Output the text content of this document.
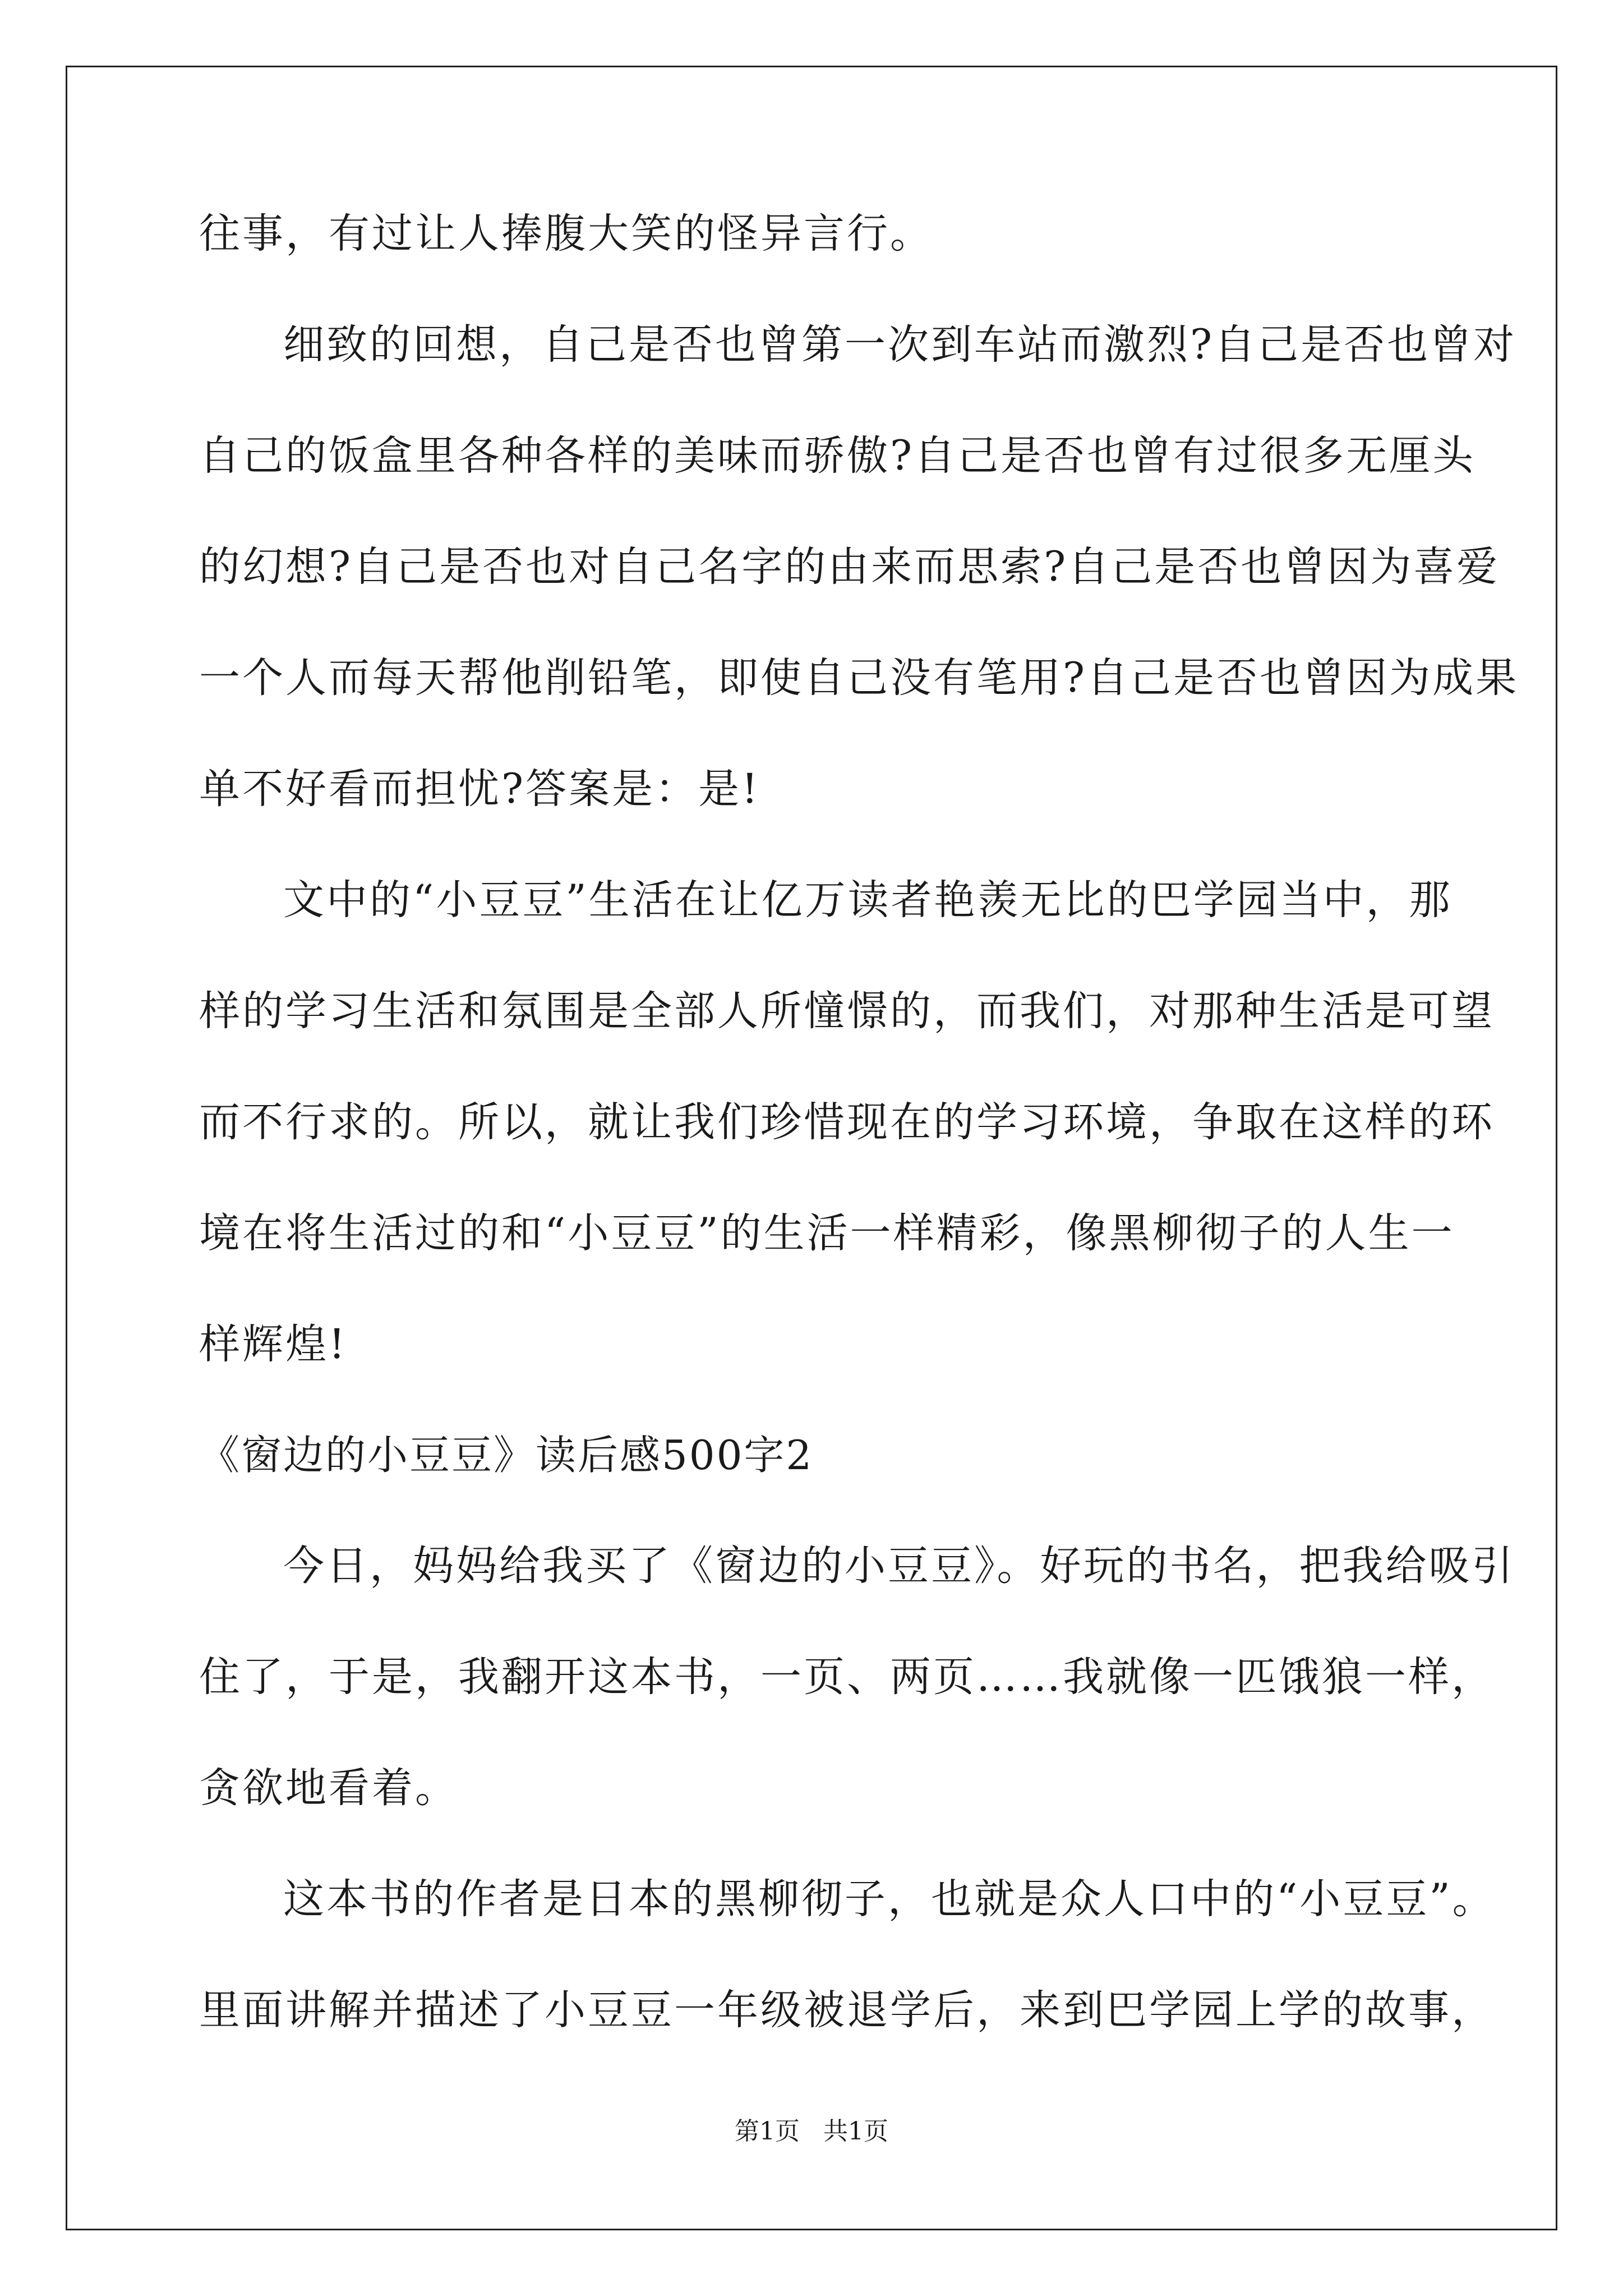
往事，有过让人捧腹大笑的怪异言行。
细致的回想，自己是否也曾第一次到车站而激烈?自己是否也曾对
自己的饭盒里各种各样的美味而骄傲?自己是否也曾有过很多无厘头
的幻想?自己是否也对自己名字的由来而思索?自己是否也曾因为喜爱
一个人而每天帮他削铅笔，即使自己没有笔用?自己是否也曾因为成果
单不好看而担忧?答案是：是!
文中的“小豆豆”生活在让亿万读者艳羡无比的巴学园当中，那
样的学习生活和氛围是全部人所憧憬的，而我们，对那种生活是可望
而不行求的。所以，就让我们珍惜现在的学习环境，争取在这样的环
境在将生活过的和“小豆豆”的生活一样精彩，像黑柳彻子的人生一
样辉煌!
《窗边的小豆豆》读后感500字2
今日，妈妈给我买了《窗边的小豆豆》。好玩的书名，把我给吸引
住了，于是，我翻开这本书，一页、两页……我就像一匹饿狼一样，
贪欲地看着。
这本书的作者是日本的黑柳彻子，也就是众人口中的“小豆豆”。
里面讲解并描述了小豆豆一年级被退学后，来到巴学园上学的故事，
第1页   共1页
